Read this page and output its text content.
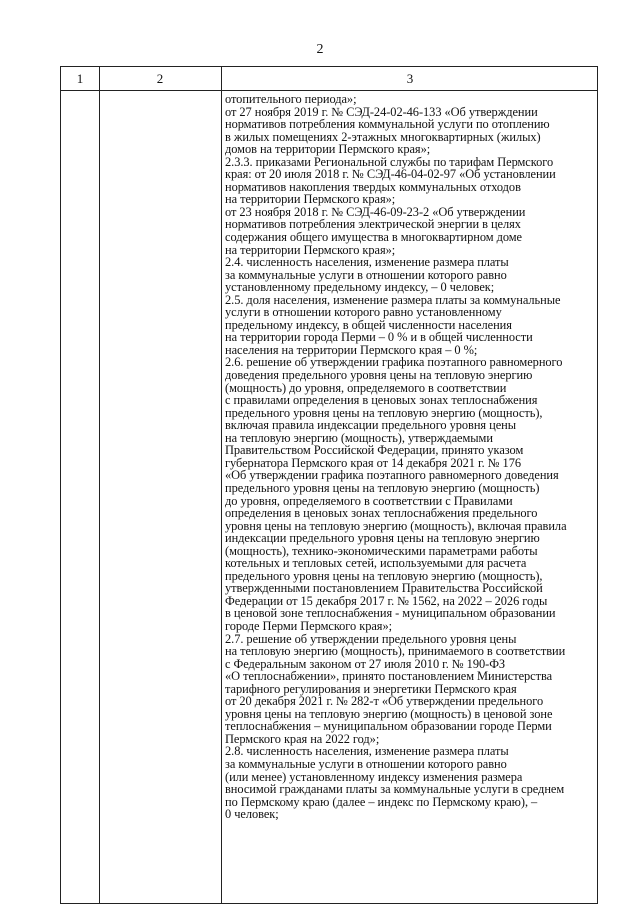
2
1	2	3
отопительного периода»;
от 27 ноября 2019 г. № СЭД-24-02-46-133 «Об утверждении
нормативов потребления коммунальной услуги по отоплению
в жилых помещениях 2-этажных многоквартирных (жилых)
домов на территории Пермского края»;
2.3.3. приказами Региональной службы по тарифам Пермского
края: от 20 июля 2018 г. № СЭД-46-04-02-97 «Об установлении
нормативов накопления твердых коммунальных отходов
на территории Пермского края»;
от 23 ноября 2018 г. № СЭД-46-09-23-2 «Об утверждении
нормативов потребления электрической энергии в целях
содержания общего имущества в многоквартирном доме
на территории Пермского края»;
2.4. численность населения, изменение размера платы
за коммунальные услуги в отношении которого равно
установленному предельному индексу, – 0 человек;
2.5. доля населения, изменение размера платы за коммунальные
услуги в отношении которого равно установленному
предельному индексу, в общей численности населения
на территории города Перми – 0 % и в общей численности
населения на территории Пермского края – 0 %;
2.6. решение об утверждении графика поэтапного равномерного
доведения предельного уровня цены на тепловую энергию
(мощность) до уровня, определяемого в соответствии
с правилами определения в ценовых зонах теплоснабжения
предельного уровня цены на тепловую энергию (мощность),
включая правила индексации предельного уровня цены
на тепловую энергию (мощность), утверждаемыми
Правительством Российской Федерации, принято указом
губернатора Пермского края от 14 декабря 2021 г. № 176
«Об утверждении графика поэтапного равномерного доведения
предельного уровня цены на тепловую энергию (мощность)
до уровня, определяемого в соответствии с Правилами
определения в ценовых зонах теплоснабжения предельного
уровня цены на тепловую энергию (мощность), включая правила
индексации предельного уровня цены на тепловую энергию
(мощность), технико-экономическими параметрами работы
котельных и тепловых сетей, используемыми для расчета
предельного уровня цены на тепловую энергию (мощность),
утвержденными постановлением Правительства Российской
Федерации от 15 декабря 2017 г. № 1562, на 2022 – 2026 годы
в ценовой зоне теплоснабжения - муниципальном образовании
городе Перми Пермского края»;
2.7. решение об утверждении предельного уровня цены
на тепловую энергию (мощность), принимаемого в соответствии
с Федеральным законом от 27 июля 2010 г. № 190-ФЗ
«О теплоснабжении», принято постановлением Министерства
тарифного регулирования и энергетики Пермского края
от 20 декабря 2021 г. № 282-т «Об утверждении предельного
уровня цены на тепловую энергию (мощность) в ценовой зоне
теплоснабжения – муниципальном образовании городе Перми
Пермского края на 2022 год»;
2.8. численность населения, изменение размера платы
за коммунальные услуги в отношении которого равно
(или менее) установленному индексу изменения размера
вносимой гражданами платы за коммунальные услуги в среднем
по Пермскому краю (далее – индекс по Пермскому краю), –
0 человек;
